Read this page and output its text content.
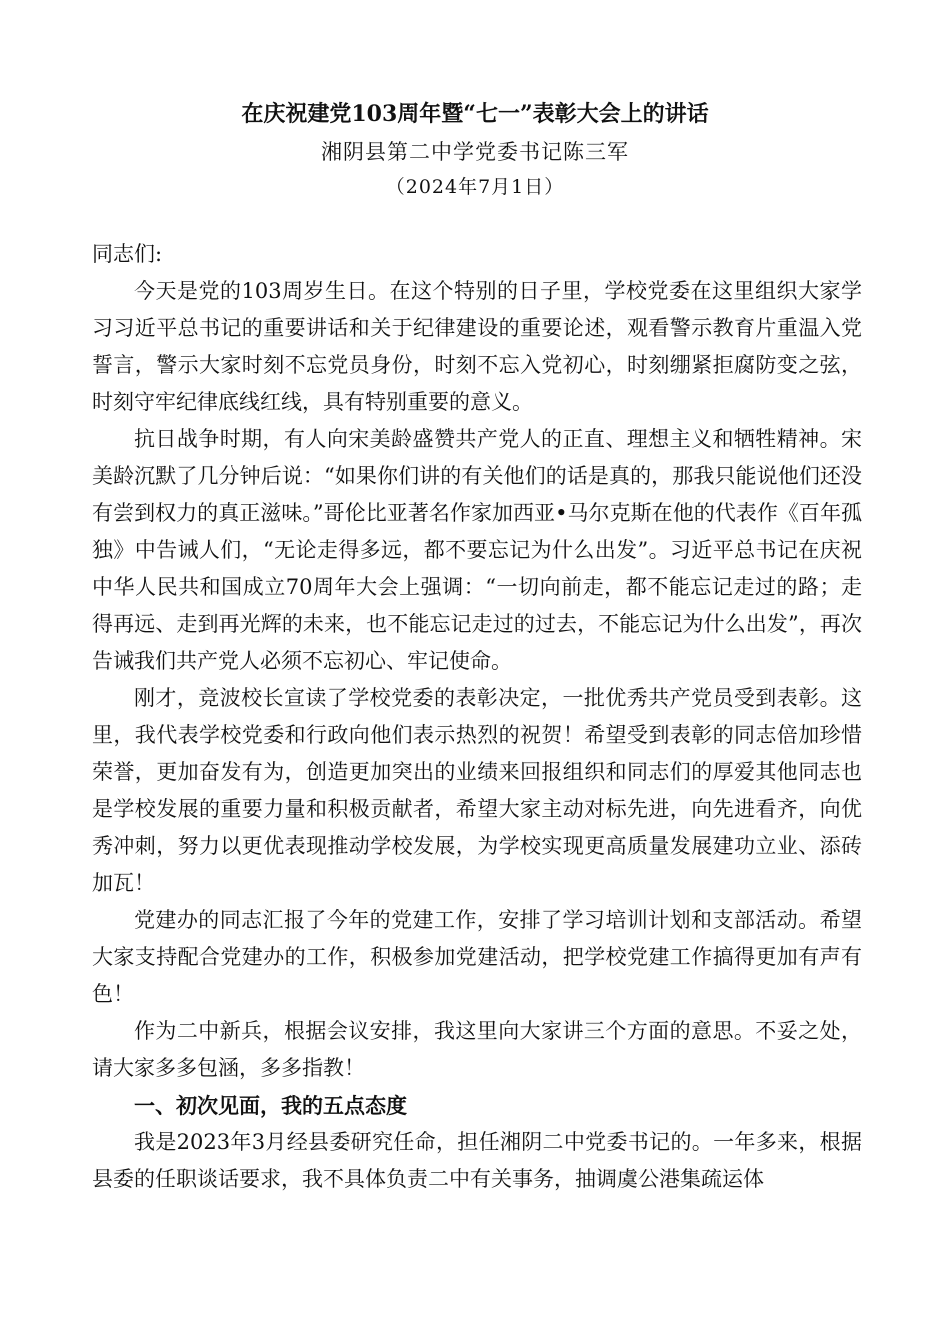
在庆祝建党103周年暨“七一”表彰大会上的讲话
湘阴县第二中学党委书记陈三军
（2024年7月1日）

同志们:

今天是党的103周岁生日。在这个特别的日子里，学校党委在这里组织大家学习习近平总书记的重要讲话和关于纪律建设的重要论述，观看警示教育片重温入党誓言，警示大家时刻不忘党员身份，时刻不忘入党初心，时刻绷紧拒腐防变之弦，时刻守牢纪律底线红线，具有特别重要的意义。

抗日战争时期，有人向宋美龄盛赞共产党人的正直、理想主义和牺牲精神。宋美龄沉默了几分钟后说：“如果你们讲的有关他们的话是真的，那我只能说他们还没有尝到权力的真正滋味。”哥伦比亚著名作家加西亚•马尔克斯在他的代表作《百年孤独》中告诫人们，“无论走得多远，都不要忘记为什么出发”。习近平总书记在庆祝中华人民共和国成立70周年大会上强调：“一切向前走，都不能忘记走过的路；走得再远、走到再光辉的未来，也不能忘记走过的过去，不能忘记为什么出发”，再次告诫我们共产党人必须不忘初心、牢记使命。

刚才，竞波校长宣读了学校党委的表彰决定，一批优秀共产党员受到表彰。这里，我代表学校党委和行政向他们表示热烈的祝贺！希望受到表彰的同志倍加珍惜荣誉，更加奋发有为，创造更加突出的业绩来回报组织和同志们的厚爱其他同志也是学校发展的重要力量和积极贡献者，希望大家主动对标先进，向先进看齐，向优秀冲刺，努力以更优表现推动学校发展，为学校实现更高质量发展建功立业、添砖加瓦！

党建办的同志汇报了今年的党建工作，安排了学习培训计划和支部活动。希望大家支持配合党建办的工作，积极参加党建活动，把学校党建工作搞得更加有声有色！

作为二中新兵，根据会议安排，我这里向大家讲三个方面的意思。不妥之处，请大家多多包涵，多多指教！

一、初次见面，我的五点态度

我是2023年3月经县委研究任命，担任湘阴二中党委书记的。一年多来，根据县委的任职谈话要求，我不具体负责二中有关事务，抽调虞公港集疏运体
